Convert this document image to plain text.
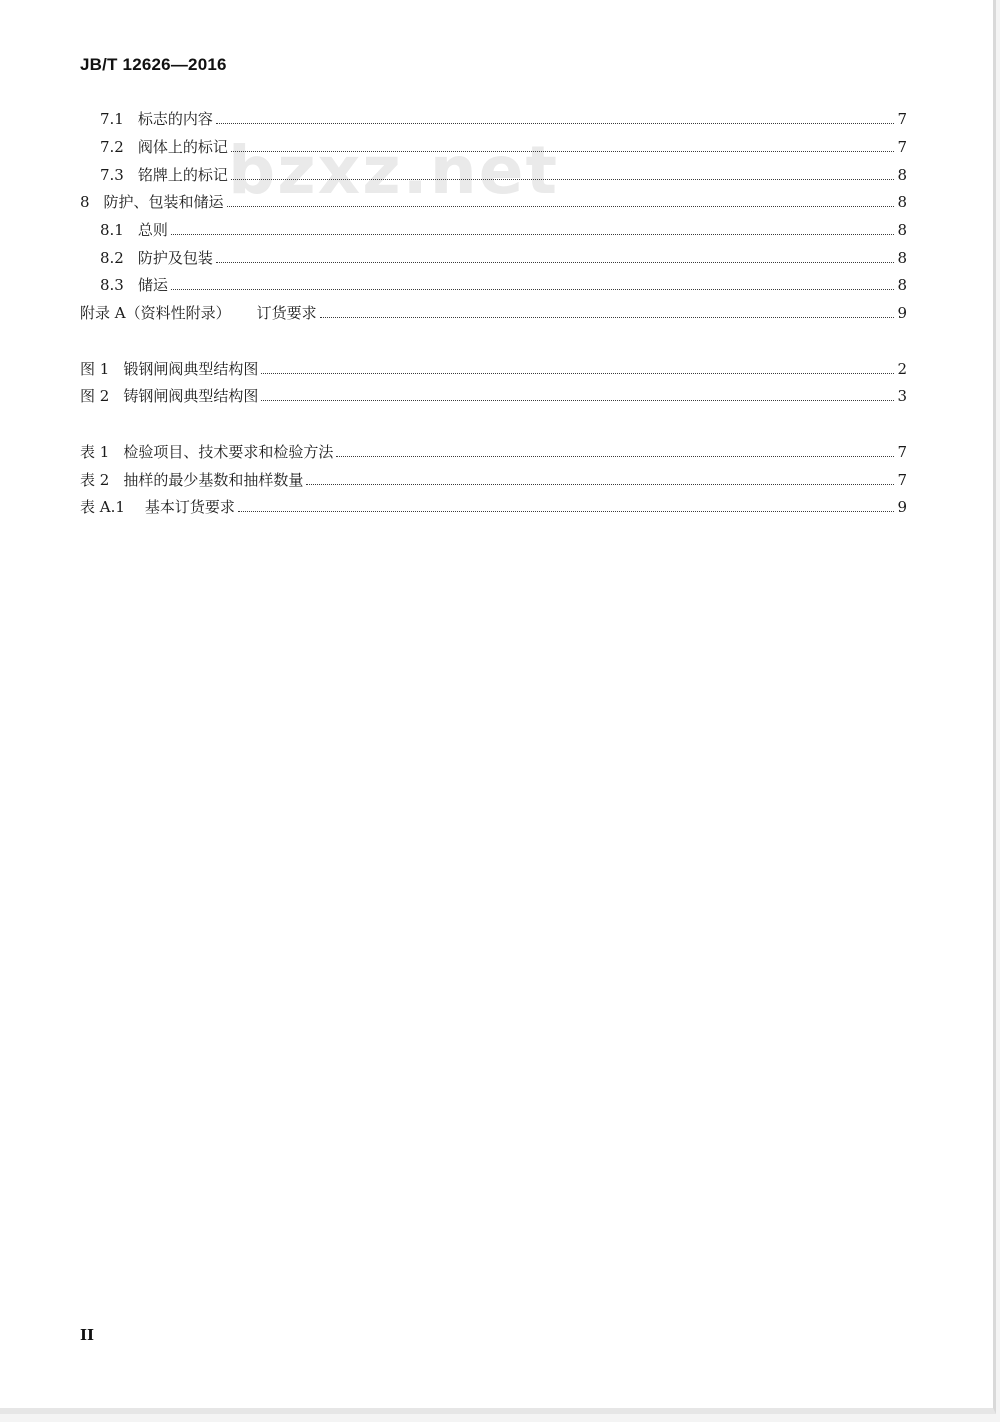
JB/T 12626—2016
bzxz.net
7.1 标志的内容	7
7.2 阀体上的标记	7
7.3 铭牌上的标记	8
8 防护、包装和储运	8
8.1 总则	8
8.2 防护及包装	8
8.3 储运	8
附录 A（资料性附录） 订货要求	9
图 1 锻钢闸阀典型结构图	2
图 2 铸钢闸阀典型结构图	3
表 1 检验项目、技术要求和检验方法	7
表 2 抽样的最少基数和抽样数量	7
表 A.1 基本订货要求	9
II
